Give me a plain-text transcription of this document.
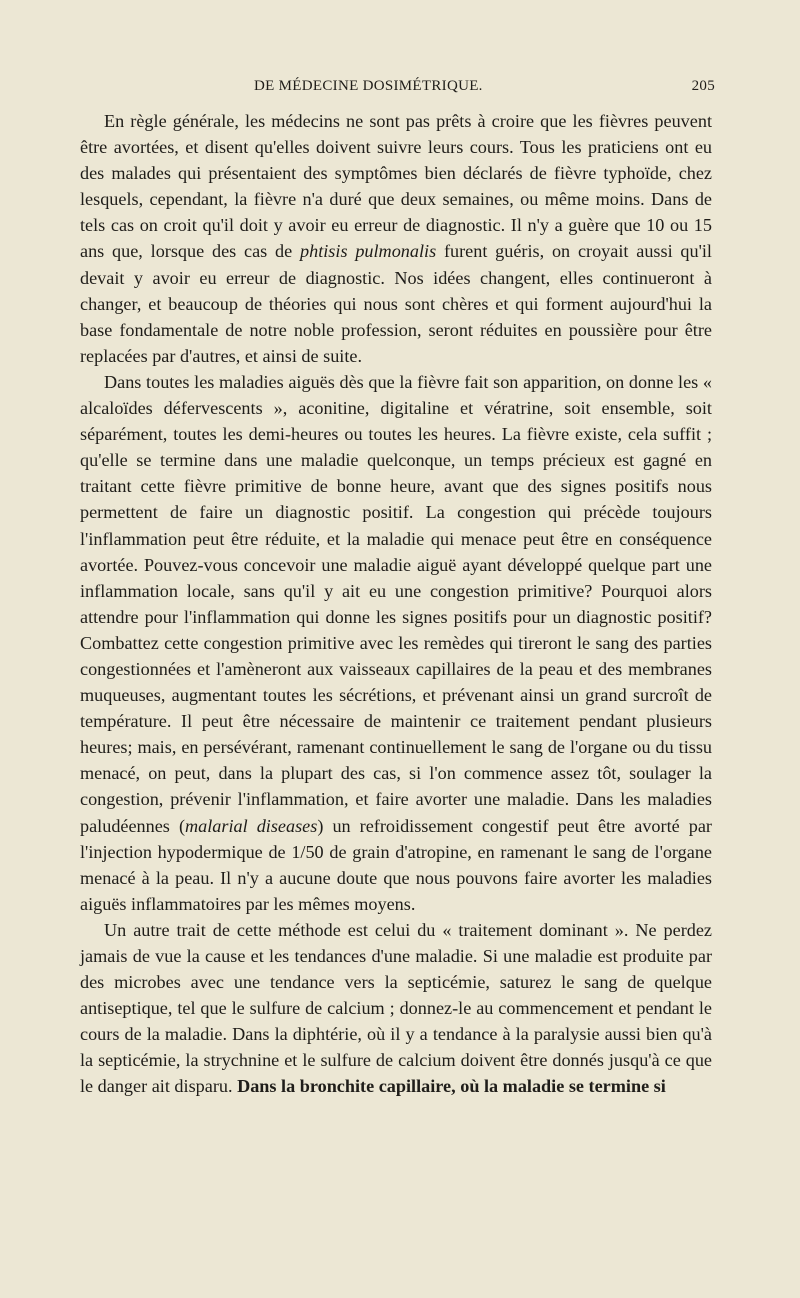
DE MÉDECINE DOSIMÉTRIQUE.	205

En règle générale, les médecins ne sont pas prêts à croire que les fièvres peuvent être avortées, et disent qu'elles doivent suivre leurs cours. Tous les praticiens ont eu des malades qui présentaient des symptômes bien déclarés de fièvre typhoïde, chez lesquels, cependant, la fièvre n'a duré que deux semaines, ou même moins. Dans de tels cas on croit qu'il doit y avoir eu erreur de diagnostic. Il n'y a guère que 10 ou 15 ans que, lorsque des cas de phtisis pulmonalis furent guéris, on croyait aussi qu'il devait y avoir eu erreur de diagnostic. Nos idées changent, elles continueront à changer, et beaucoup de théories qui nous sont chères et qui forment aujourd'hui la base fondamentale de notre noble profession, seront réduites en poussière pour être replacées par d'autres, et ainsi de suite.

Dans toutes les maladies aiguës dès que la fièvre fait son apparition, on donne les « alcaloïdes défervescents », aconitine, digitaline et vératrine, soit ensemble, soit séparément, toutes les demi-heures ou toutes les heures. La fièvre existe, cela suffit ; qu'elle se termine dans une maladie quelconque, un temps précieux est gagné en traitant cette fièvre primitive de bonne heure, avant que des signes positifs nous permettent de faire un diagnostic positif. La congestion qui précède toujours l'inflammation peut être réduite, et la maladie qui menace peut être en conséquence avortée. Pouvez-vous concevoir une maladie aiguë ayant développé quelque part une inflammation locale, sans qu'il y ait eu une congestion primitive? Pourquoi alors attendre pour l'inflammation qui donne les signes positifs pour un diagnostic positif? Combattez cette congestion primitive avec les remèdes qui tireront le sang des parties congestionnées et l'amèneront aux vaisseaux capillaires de la peau et des membranes muqueuses, augmentant toutes les sécrétions, et prévenant ainsi un grand surcroît de température. Il peut être nécessaire de maintenir ce traitement pendant plusieurs heures; mais, en persévérant, ramenant continuellement le sang de l'organe ou du tissu menacé, on peut, dans la plupart des cas, si l'on commence assez tôt, soulager la congestion, prévenir l'inflammation, et faire avorter une maladie. Dans les maladies paludéennes (malarial diseases) un refroidissement congestif peut être avorté par l'injection hypodermique de 1/50 de grain d'atropine, en ramenant le sang de l'organe menacé à la peau. Il n'y a aucune doute que nous pouvons faire avorter les maladies aiguës inflammatoires par les mêmes moyens.

Un autre trait de cette méthode est celui du « traitement dominant ». Ne perdez jamais de vue la cause et les tendances d'une maladie. Si une maladie est produite par des microbes avec une tendance vers la septicémie, saturez le sang de quelque antiseptique, tel que le sulfure de calcium ; donnez-le au commencement et pendant le cours de la maladie. Dans la diphtérie, où il y a tendance à la paralysie aussi bien qu'à la septicémie, la strychnine et le sulfure de calcium doivent être donnés jusqu'à ce que le danger ait disparu. Dans la bronchite capillaire, où la maladie se termine si
